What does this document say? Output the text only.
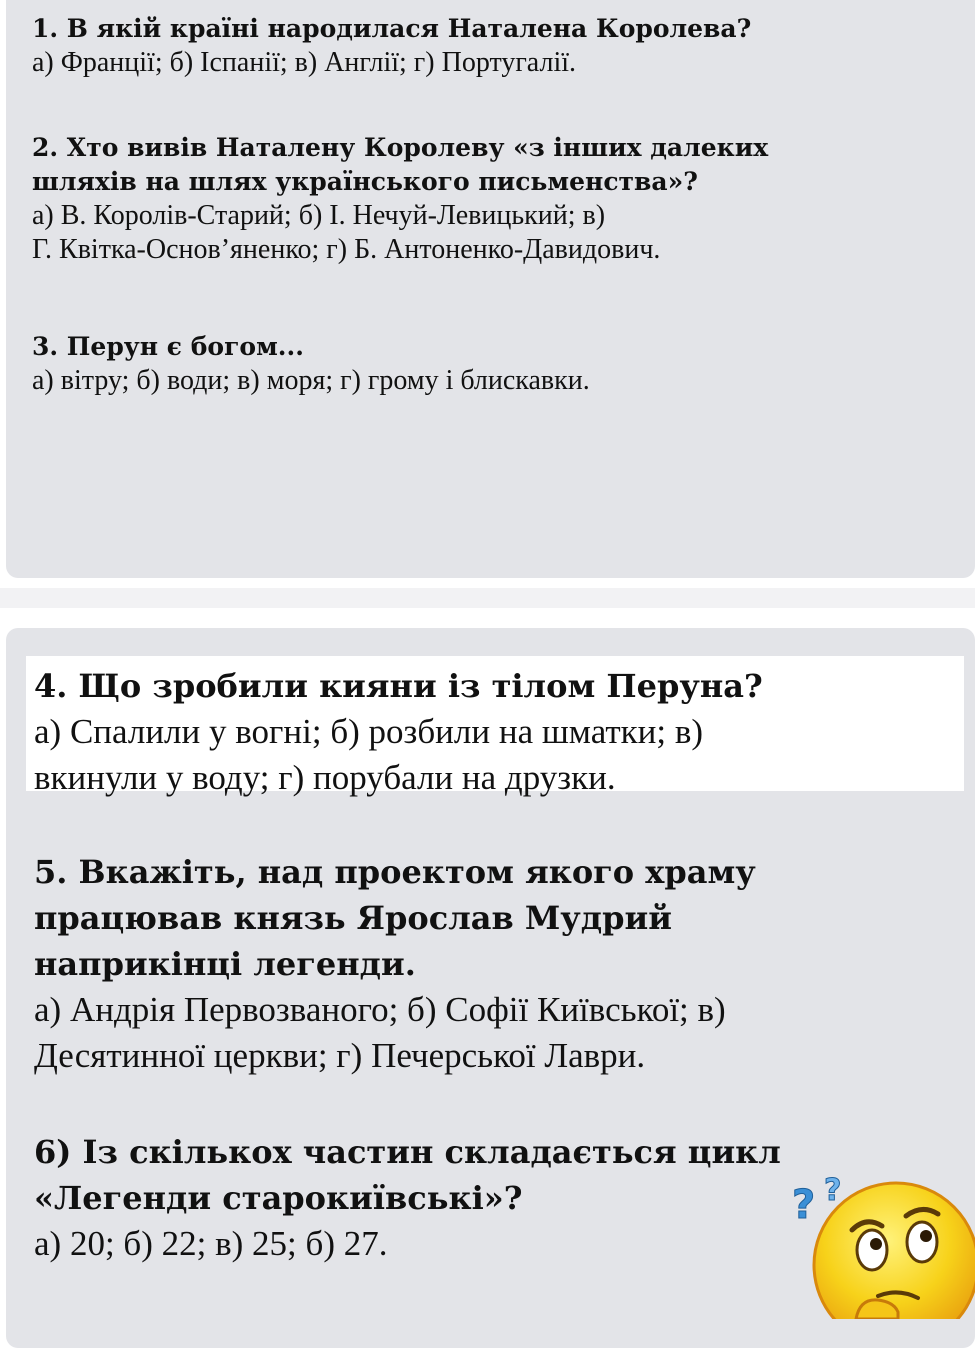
1. В якій країні народилася Наталена Королева?
а) Франції; б) Іспанії; в) Англії; г) Португалії.
2. Хто вивів Наталену Королеву «з інших далеких
шляхів на шлях українського письменства»?
а) В. Королів-Старий; б) І. Нечуй-Левицький; в)
Г. Квітка-Основ’яненко; г) Б. Антоненко-Давидович.
3. Перун є богом...
а) вітру; б) води; в) моря; г) грому і блискавки.
4. Що зробили кияни із тілом Перуна?
а) Спалили у вогні; б) розбили на шматки; в)
вкинули у воду; г) порубали на друзки.
5. Вкажіть, над проектом якого храму
працював князь Ярослав Мудрий
наприкінці легенди.
а) Андрія Первозваного; б) Софії Київської; в)
Десятинної церкви; г) Печерської Лаври.
6) Із скількох частин складається цикл
«Легенди старокиївські»?
а) 20; б) 22; в) 25; б) 27.
? ?
